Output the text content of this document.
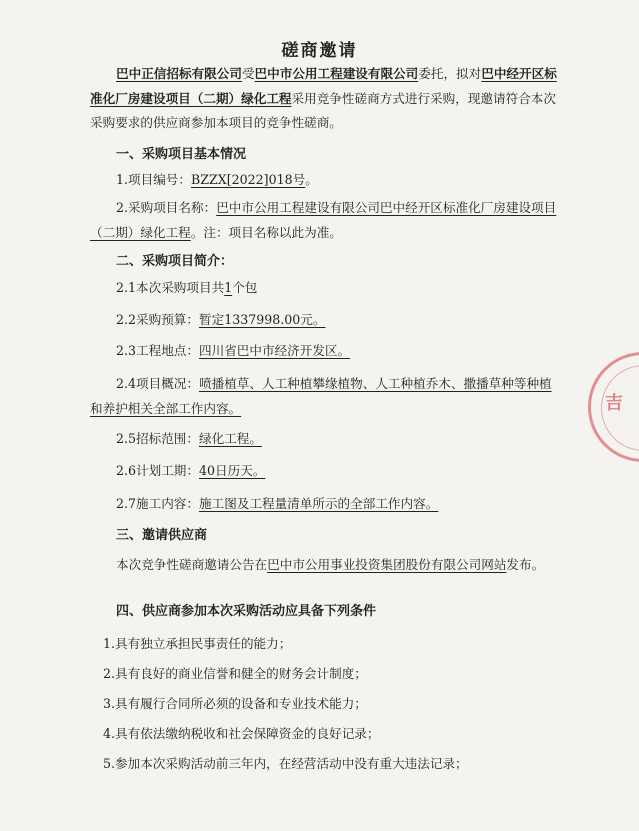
磋商邀请
巴中正信招标有限公司受巴中市公用工程建设有限公司委托，拟对巴中经开区标准化厂房建设项目（二期）绿化工程采用竞争性磋商方式进行采购，现邀请符合本次采购要求的供应商参加本项目的竞争性磋商。
一、采购项目基本情况
1.项目编号：BZZX[2022]018号。
2.采购项目名称：巴中市公用工程建设有限公司巴中经开区标准化厂房建设项目（二期）绿化工程。注：项目名称以此为准。
二、采购项目简介：
2.1本次采购项目共1个包
2.2采购预算：暂定1337998.00元。
2.3工程地点：四川省巴中市经济开发区。
2.4项目概况：喷播植草、人工种植攀缘植物、人工种植乔木、撒播草种等种植和养护相关全部工作内容。
2.5招标范围：绿化工程。
2.6计划工期：40日历天。
2.7施工内容：施工图及工程量清单所示的全部工作内容。
三、邀请供应商
本次竞争性磋商邀请公告在巴中市公用事业投资集团股份有限公司网站发布。
四、供应商参加本次采购活动应具备下列条件
1.具有独立承担民事责任的能力；
2.具有良好的商业信誉和健全的财务会计制度；
3.具有履行合同所必须的设备和专业技术能力；
4.具有依法缴纳税收和社会保障资金的良好记录；
5.参加本次采购活动前三年内，在经营活动中没有重大违法记录；
吉
